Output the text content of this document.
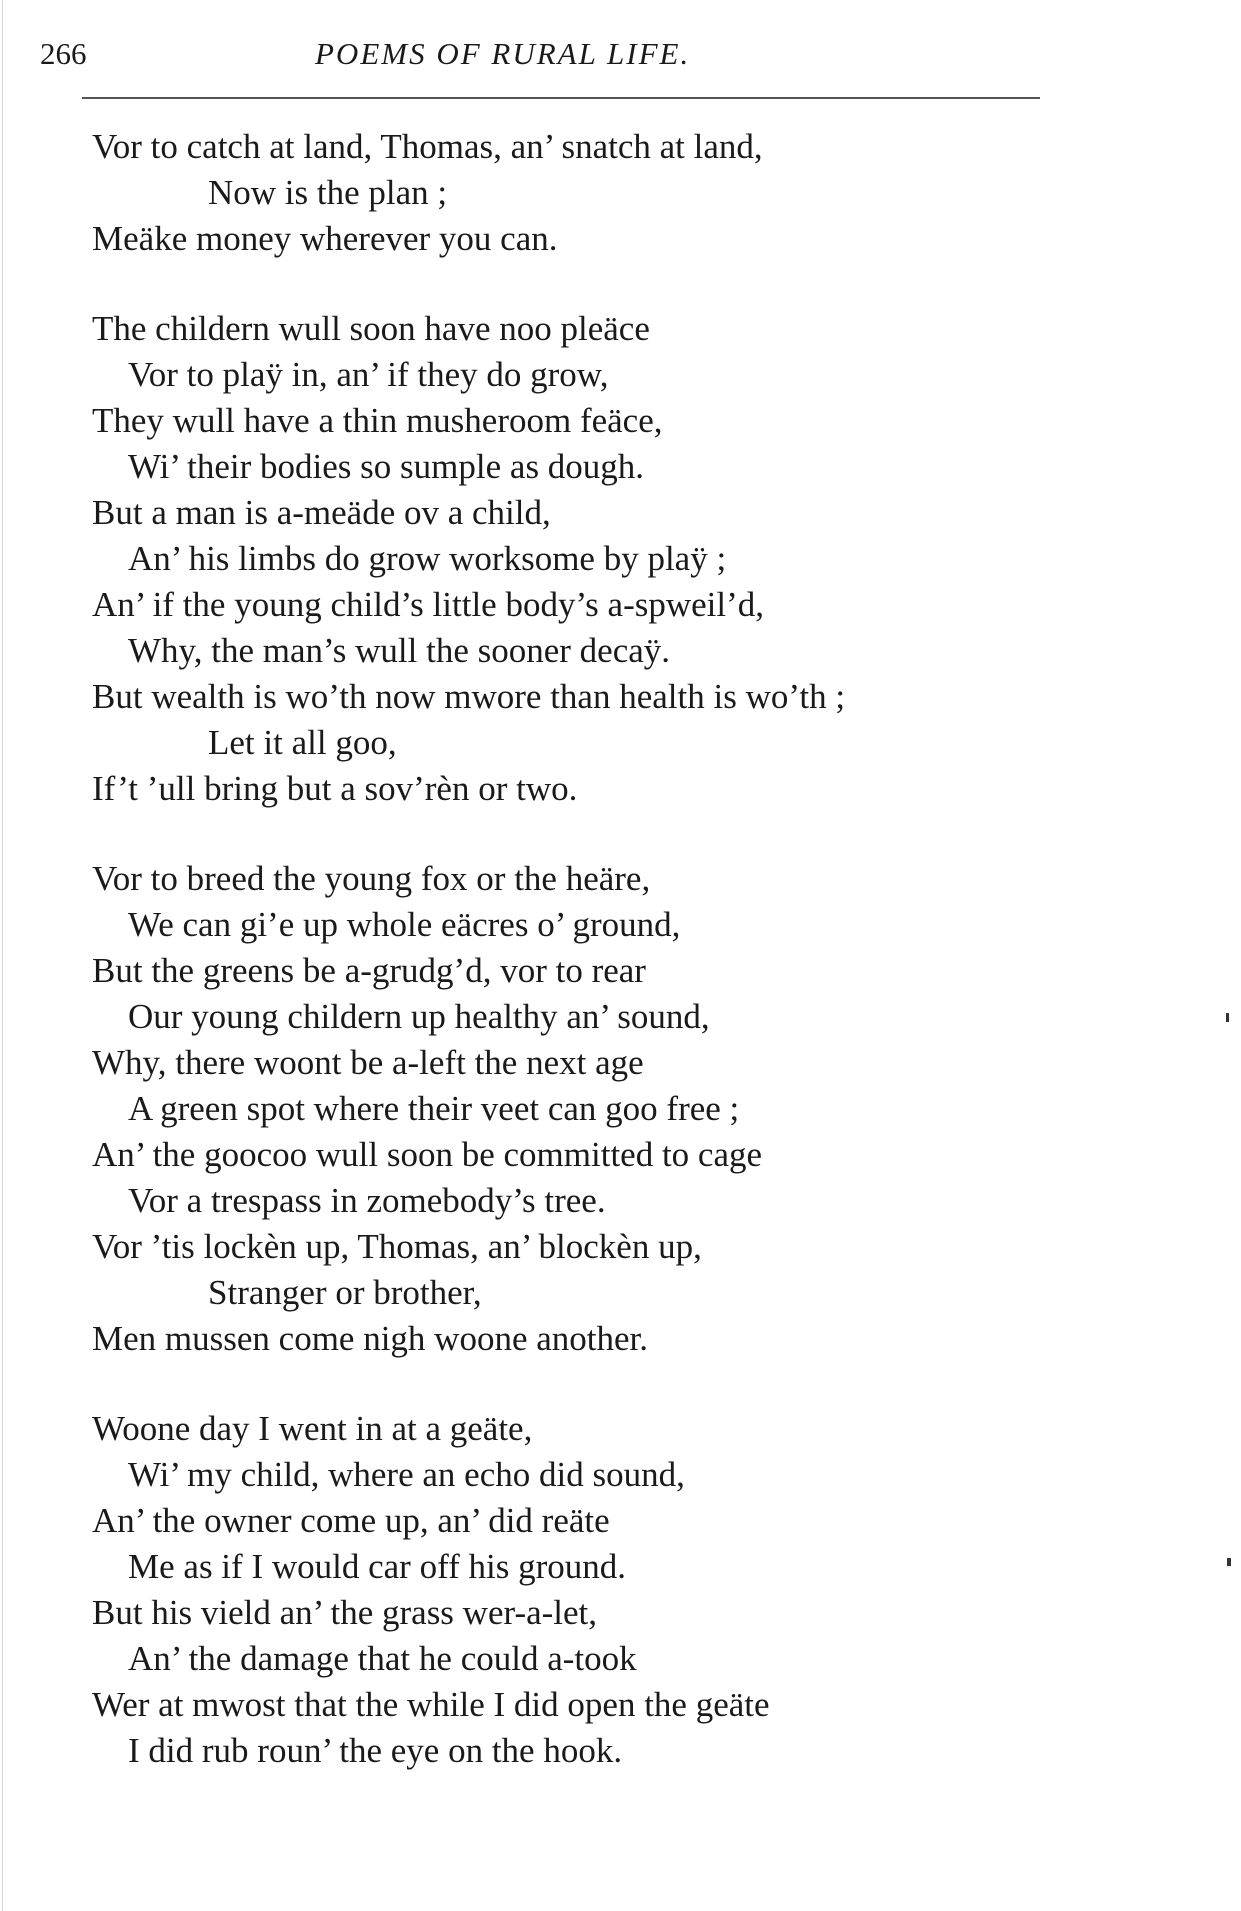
266	POEMS OF RURAL LIFE.
Vor to catch at land, Thomas, an’ snatch at land,
Now is the plan ;
Meäke money wherever you can.
The childern wull soon have noo pleäce
Vor to plaÿ in, an’ if they do grow,
They wull have a thin musheroom feäce,
Wi’ their bodies so sumple as dough.
But a man is a-meäde ov a child,
An’ his limbs do grow worksome by plaÿ ;
An’ if the young child’s little body’s a-spweil’d,
Why, the man’s wull the sooner decaÿ.
But wealth is wo’th now mwore than health is wo’th ;
Let it all goo,
If’t ’ull bring but a sov’rèn or two.
Vor to breed the young fox or the heäre,
We can gi’e up whole eäcres o’ ground,
But the greens be a-grudg’d, vor to rear
Our young childern up healthy an’ sound,
Why, there woont be a-left the next age
A green spot where their veet can goo free ;
An’ the goocoo wull soon be committed to cage
Vor a trespass in zomebody’s tree.
Vor ’tis lockèn up, Thomas, an’ blockèn up,
Stranger or brother,
Men mussen come nigh woone another.
Woone day I went in at a geäte,
Wi’ my child, where an echo did sound,
An’ the owner come up, an’ did reäte
Me as if I would car off his ground.
But his vield an’ the grass wer-a-let,
An’ the damage that he could a-took
Wer at mwost that the while I did open the geäte
I did rub roun’ the eye on the hook.
